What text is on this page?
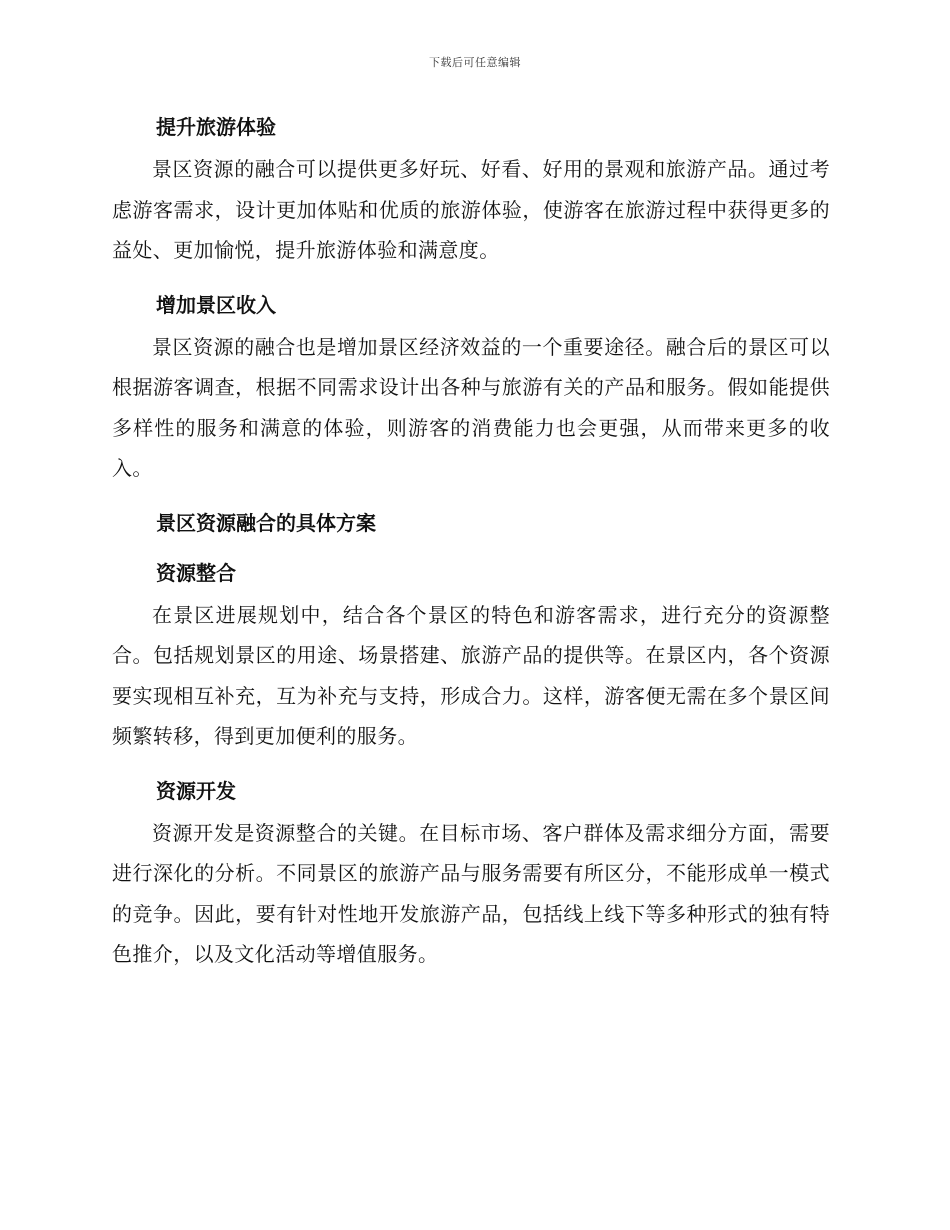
下载后可任意编辑
提升旅游体验

景区资源的融合可以提供更多好玩、好看、好用的景观和旅游产品。通过考虑游客需求，设计更加体贴和优质的旅游体验，使游客在旅游过程中获得更多的益处、更加愉悦，提升旅游体验和满意度。

增加景区收入

景区资源的融合也是增加景区经济效益的一个重要途径。融合后的景区可以根据游客调查，根据不同需求设计出各种与旅游有关的产品和服务。假如能提供多样性的服务和满意的体验，则游客的消费能力也会更强，从而带来更多的收入。

景区资源融合的具体方案
资源整合

在景区进展规划中，结合各个景区的特色和游客需求，进行充分的资源整合。包括规划景区的用途、场景搭建、旅游产品的提供等。在景区内，各个资源要实现相互补充，互为补充与支持，形成合力。这样，游客便无需在多个景区间频繁转移，得到更加便利的服务。

资源开发

资源开发是资源整合的关键。在目标市场、客户群体及需求细分方面，需要进行深化的分析。不同景区的旅游产品与服务需要有所区分，不能形成单一模式的竞争。因此，要有针对性地开发旅游产品，包括线上线下等多种形式的独有特色推介，以及文化活动等增值服务。
